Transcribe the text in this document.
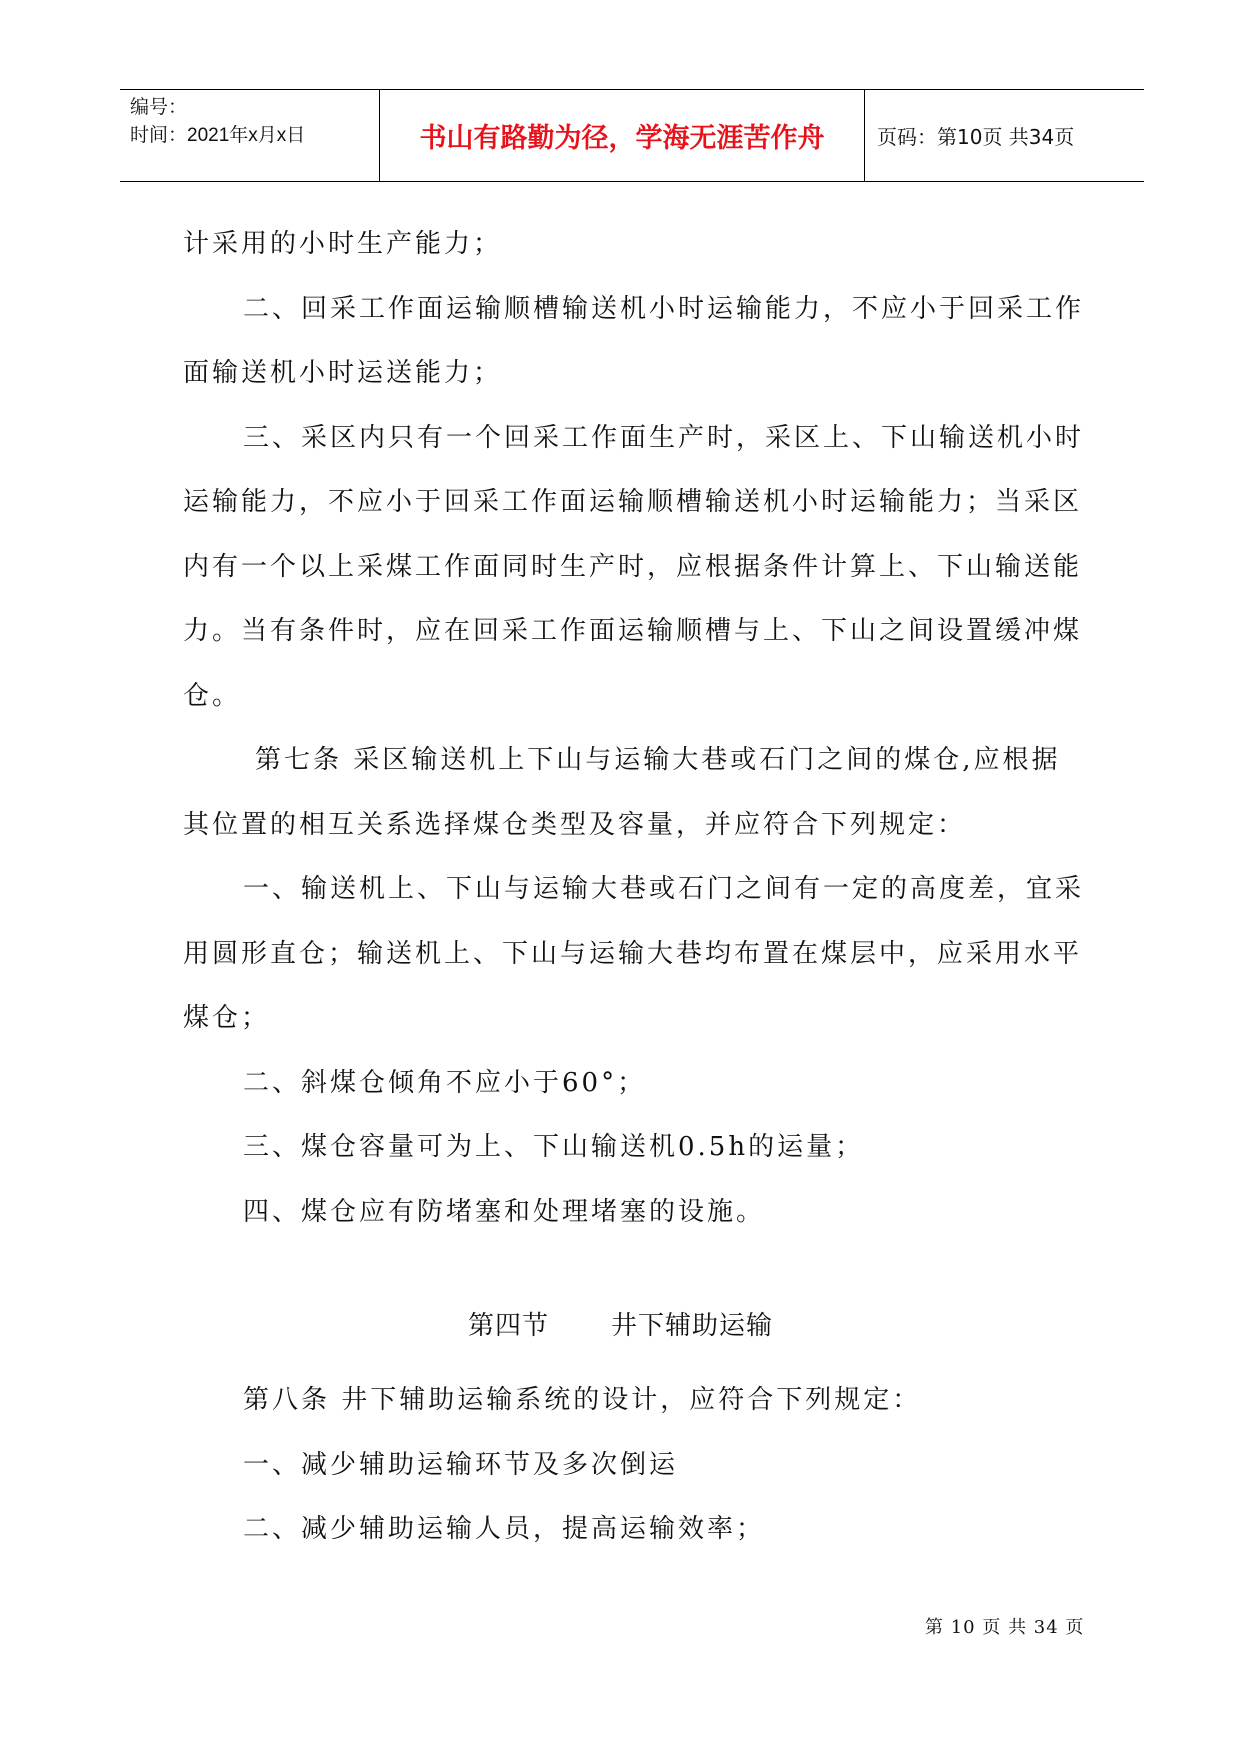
编号：
时间：2021年x月x日	书山有路勤为径，学海无涯苦作舟	页码：第10页 共34页

计采用的小时生产能力；

二、回采工作面运输顺槽输送机小时运输能力，不应小于回采工作

面输送机小时运送能力；

三、采区内只有一个回采工作面生产时，采区上、下山输送机小时

运输能力，不应小于回采工作面运输顺槽输送机小时运输能力；当采区

内有一个以上采煤工作面同时生产时，应根据条件计算上、下山输送能

力。当有条件时，应在回采工作面运输顺槽与上、下山之间设置缓冲煤

仓。

第七条 采区输送机上下山与运输大巷或石门之间的煤仓,应根据

其位置的相互关系选择煤仓类型及容量，并应符合下列规定：

一、输送机上、下山与运输大巷或石门之间有一定的高度差，宜采

用圆形直仓；输送机上、下山与运输大巷均布置在煤层中，应采用水平

煤仓；

二、斜煤仓倾角不应小于60°；

三、煤仓容量可为上、下山输送机0.5h的运量；

四、煤仓应有防堵塞和处理堵塞的设施。

第四节 井下辅助运输

第八条 井下辅助运输系统的设计，应符合下列规定：

一、减少辅助运输环节及多次倒运

二、减少辅助运输人员，提高运输效率；

第 10 页 共 34 页
